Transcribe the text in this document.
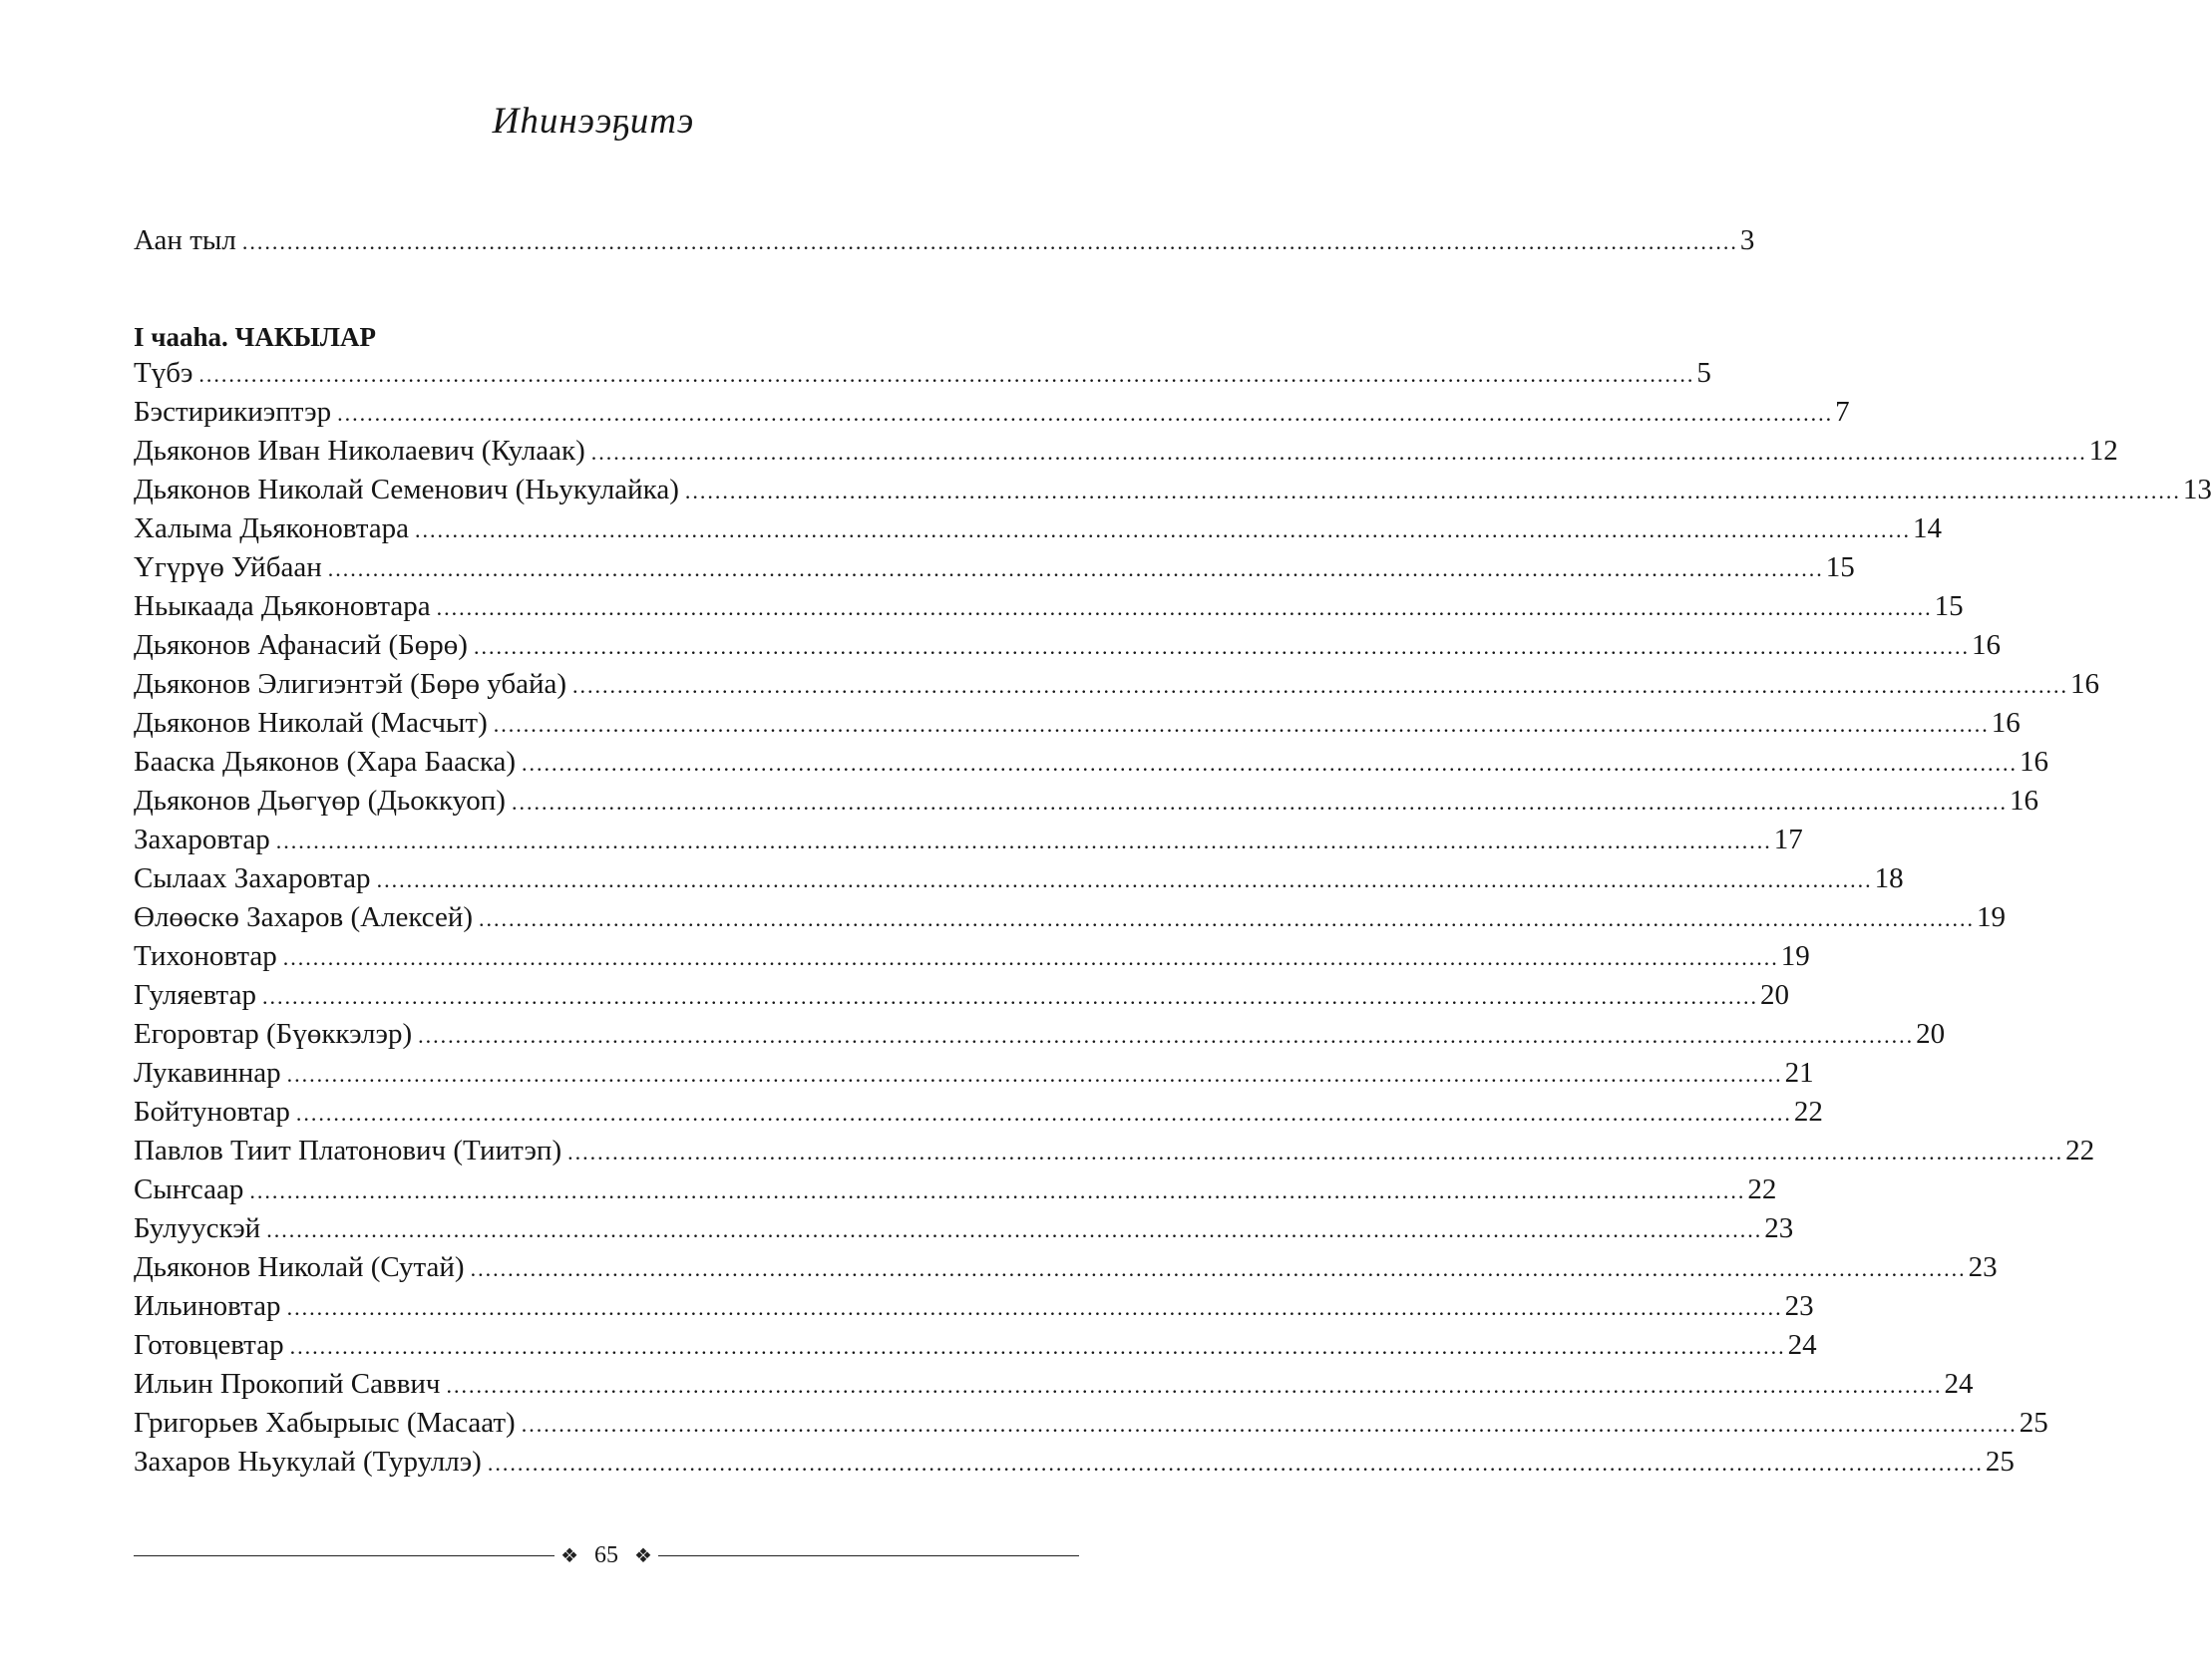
Иhинээҕитэ
Аан тыл ........................................................................................................................................................................................................ 3
I чааhа. ЧАКЫЛАР
Түбэ ........................................................................................................................................................................................................ 5
Бэстирикиэптэр ........................................................................................................................................................................................................ 7
Дьяконов Иван Николаевич (Кулаак) ........................................................................................................................................................................................................ 12
Дьяконов Николай Семенович (Ньукулайка) ........................................................................................................................................................................................................ 13
Халыма Дьяконовтара ........................................................................................................................................................................................................ 14
Үгүрүө Уйбаан ........................................................................................................................................................................................................ 15
Ньыкаада Дьяконовтара ........................................................................................................................................................................................................ 15
Дьяконов Афанасий (Бөрө) ........................................................................................................................................................................................................ 16
Дьяконов Элигиэнтэй (Бөрө убайа) ........................................................................................................................................................................................................ 16
Дьяконов Николай (Масчыт) ........................................................................................................................................................................................................ 16
Бааска Дьяконов (Хара Бааска) ........................................................................................................................................................................................................ 16
Дьяконов Дьөгүөр (Дьоккуоп) ........................................................................................................................................................................................................ 16
Захаровтар ........................................................................................................................................................................................................ 17
Сылаах Захаровтар ........................................................................................................................................................................................................ 18
Өлөөскө Захаров (Алексей) ........................................................................................................................................................................................................ 19
Тихоновтар ........................................................................................................................................................................................................ 19
Гуляевтар ........................................................................................................................................................................................................ 20
Егоровтар (Бүөккэлэр) ........................................................................................................................................................................................................ 20
Лукавиннар ........................................................................................................................................................................................................ 21
Бойтуновтар ........................................................................................................................................................................................................ 22
Павлов Тиит Платонович (Тиитэп) ........................................................................................................................................................................................................ 22
Сыҥсаар ........................................................................................................................................................................................................ 22
Булуускэй ........................................................................................................................................................................................................ 23
Дьяконов Николай (Сутай) ........................................................................................................................................................................................................ 23
Ильиновтар ........................................................................................................................................................................................................ 23
Готовцевтар ........................................................................................................................................................................................................ 24
Ильин Прокопий Саввич ........................................................................................................................................................................................................ 24
Григорьев Хабырыыс (Масаат) ........................................................................................................................................................................................................ 25
Захаров Ньукулай (Туруллэ) ........................................................................................................................................................................................................ 25
❖ 65 ❖
